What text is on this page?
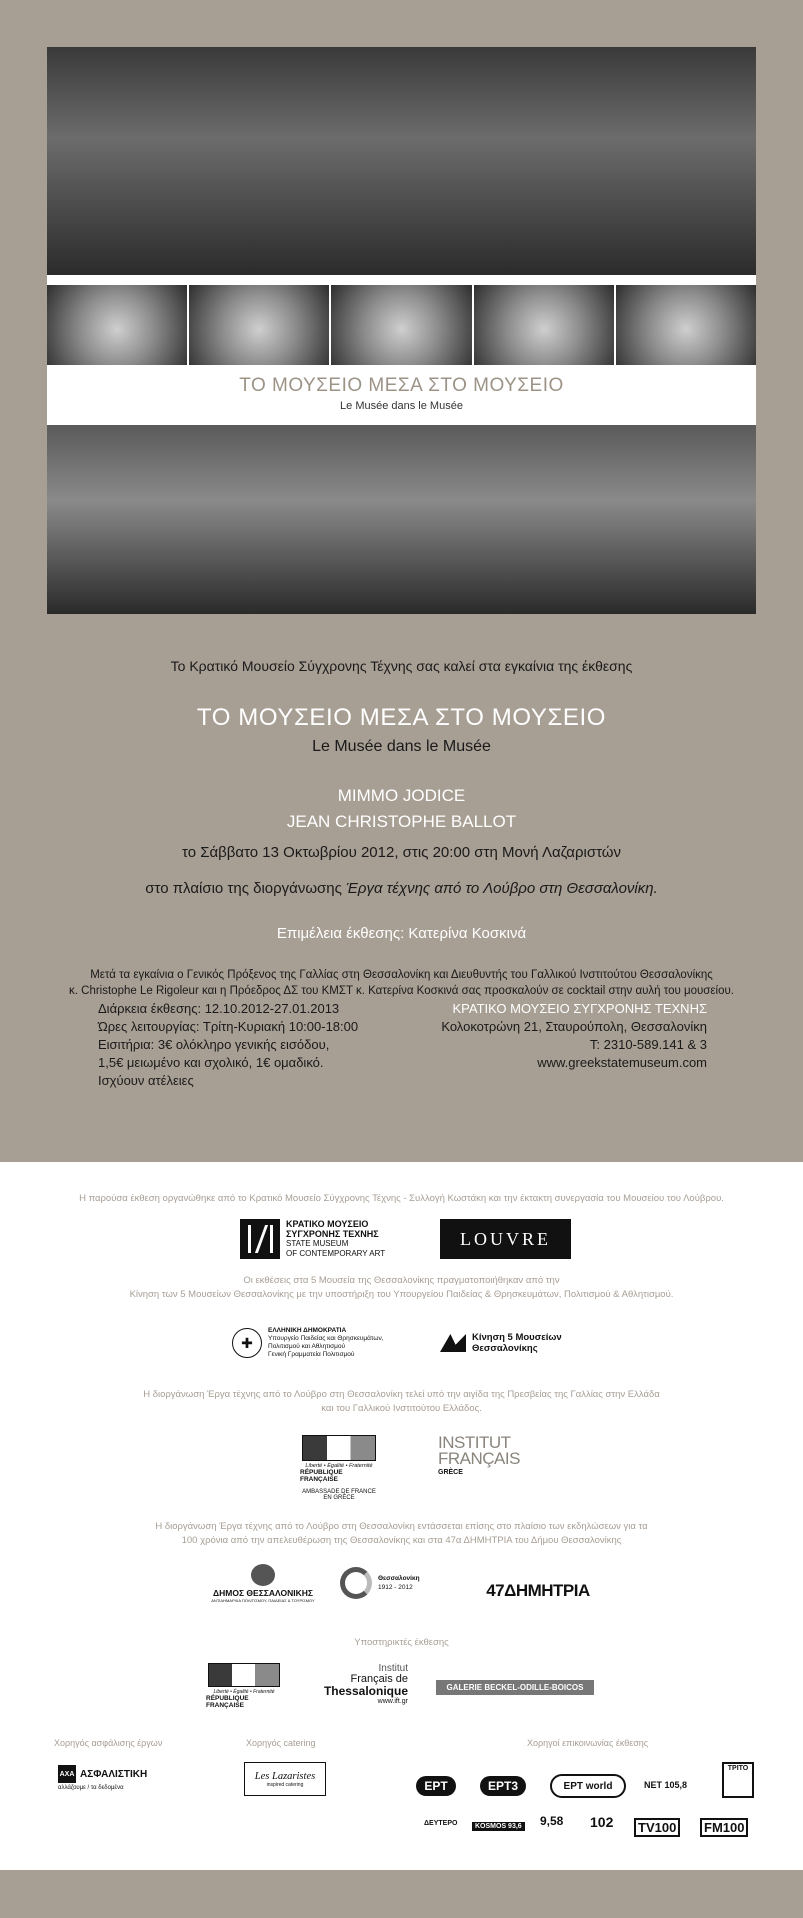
ΤΟ ΜΟΥΣΕΙΟ ΜΕΣΑ ΣΤΟ ΜΟΥΣΕΙΟ
Le Musée dans le Musée
Το Κρατικό Μουσείο Σύγχρονης Τέχνης σας καλεί στα εγκαίνια της έκθεσης
ΤΟ ΜΟΥΣΕΙΟ ΜΕΣΑ ΣΤΟ ΜΟΥΣΕΙΟ
Le Musée dans le Musée
MIMMO JODICE
JEAN CHRISTOPHE BALLOT
το Σάββατο 13 Οκτωβρίου 2012, στις 20:00 στη Μονή Λαζαριστών
στο πλαίσιο της διοργάνωσης Έργα τέχνης από το Λούβρο στη Θεσσαλονίκη.
Επιμέλεια έκθεσης: Κατερίνα Κοσκινά
Μετά τα εγκαίνια ο Γενικός Πρόξενος της Γαλλίας στη Θεσσαλονίκη και Διευθυντής του Γαλλικού Ινστιτούτου Θεσσαλονίκης
κ. Christophe Le Rigoleur και η Πρόεδρος ΔΣ του ΚΜΣΤ κ. Κατερίνα Κοσκινά σας προσκαλούν σε cocktail στην αυλή του μουσείου.
Διάρκεια έκθεσης: 12.10.2012-27.01.2013
Ώρες λειτουργίας: Τρίτη-Κυριακή 10:00-18:00
Εισιτήρια: 3€ ολόκληρο γενικής εισόδου,
1,5€ μειωμένο και σχολικό, 1€ ομαδικό.
Ισχύουν ατέλειες
ΚΡΑΤΙΚΟ ΜΟΥΣΕΙΟ ΣΥΓΧΡΟΝΗΣ ΤΕΧΝΗΣ
Κολοκοτρώνη 21, Σταυρούπολη, Θεσσαλονίκη
Τ: 2310-589.141 & 3
www.greekstatemuseum.com
Η παρούσα έκθεση οργανώθηκε από το Κρατικό Μουσείο Σύγχρονης Τέχνης - Συλλογή Κωστάκη και την έκτακτη συνεργασία του Μουσείου του Λούβρου.
ΚΡΑΤΙΚΟ ΜΟΥΣΕΙΟ
ΣΥΓΧΡΟΝΗΣ ΤΕΧΝΗΣ
STATE MUSEUM
OF CONTEMPORARY ART
LOUVRE
Οι εκθέσεις στα 5 Μουσεία της Θεσσαλονίκης πραγματοποιήθηκαν από την
Κίνηση των 5 Μουσείων Θεσσαλονίκης με την υποστήριξη του Υπουργείου Παιδείας & Θρησκευμάτων, Πολιτισμού & Αθλητισμού.
✚
ΕΛΛΗΝΙΚΗ ΔΗΜΟΚΡΑΤΙΑ
Υπουργείο Παιδείας και Θρησκευμάτων,
Πολιτισμού και Αθλητισμού
Γενική Γραμματεία Πολιτισμού
Κίνηση 5 Μουσείων
Θεσσαλονίκης
Η διοργάνωση Έργα τέχνης από το Λούβρο στη Θεσσαλονίκη τελεί υπό την αιγίδα της Πρεσβείας της Γαλλίας στην Ελλάδα
και του Γαλλικού Ινστιτούτου Ελλάδος.
Liberté • Égalité • Fraternité
RÉPUBLIQUE FRANÇAISE
AMBASSADE DE FRANCE
EN GRÈCE
INSTITUT
FRANÇAIS
GRÈCE
Η διοργάνωση Έργα τέχνης από το Λούβρο στη Θεσσαλονίκη εντάσσεται επίσης στο πλαίσιο των εκδηλώσεων για τα
100 χρόνια από την απελευθέρωση της Θεσσαλονίκης και στα 47α ΔΗΜΗΤΡΙΑ του Δήμου Θεσσαλονίκης
ΔΗΜΟΣ ΘΕΣΣΑΛΟΝΙΚΗΣ
ΑΝΤΙΔΗΜΑΡΧΙΑ ΠΟΛΙΤΙΣΜΟΥ, ΠΑΙΔΕΙΑΣ & ΤΟΥΡΙΣΜΟΥ
Θεσσαλονίκη
1912 - 2012	47ΔΗΜΗΤΡΙΑ
Υποστηρικτές έκθεσης
Liberté • Égalité • Fraternité
RÉPUBLIQUE FRANÇAISE
Institut
Français de
Thessalonique
www.ift.gr
GALERIE BECKEL-ODILLE-BOICOS
Χορηγός ασφάλισης έργων	Χορηγός catering	Χορηγοί επικοινωνίας έκθεσης
AXA ΑΣΦΑΛΙΣΤΙΚΗ
αλλάζουμε / τα δεδομένα
Les Lazaristes
inspired catering	ΕΡΤ	ΕΡΤ3	ΕΡΤ world	NET 105,8
ΤΡΙΤΟ
ΔΕΥΤΕΡΟ	KOSMOS 93,6 9,58 102	TV100	FM100
